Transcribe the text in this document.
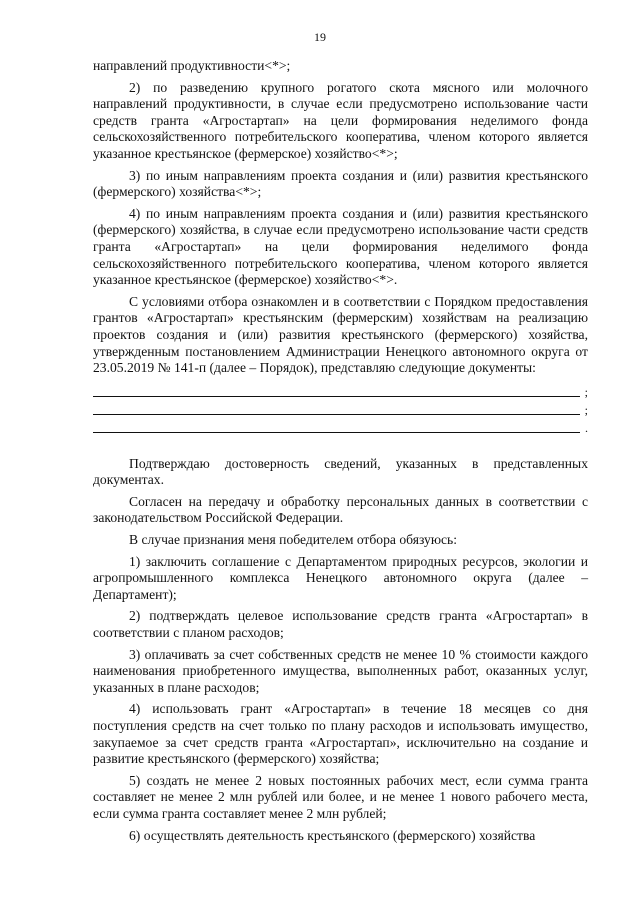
19

направлений продуктивности<*>;

2) по разведению крупного рогатого скота мясного или молочного направлений продуктивности, в случае если предусмотрено использование части средств гранта «Агростартап» на цели формирования неделимого фонда сельскохозяйственного потребительского кооператива, членом которого является указанное крестьянское (фермерское) хозяйство<*>;

3) по иным направлениям проекта создания и (или) развития крестьянского (фермерского) хозяйства<*>;

4) по иным направлениям проекта создания и (или) развития крестьянского (фермерского) хозяйства, в случае если предусмотрено использование части средств гранта «Агростартап» на цели формирования неделимого фонда сельскохозяйственного потребительского кооператива, членом которого является указанное крестьянское (фермерское) хозяйство<*>.

С условиями отбора ознакомлен и в соответствии с Порядком предоставления грантов «Агростартап» крестьянским (фермерским) хозяйствам на реализацию проектов создания и (или) развития крестьянского (фермерского) хозяйства, утвержденным постановлением Администрации Ненецкого автономного округа от 23.05.2019 № 141-п (далее – Порядок), представляю следующие документы:

;
;
.

Подтверждаю достоверность сведений, указанных в представленных документах.

Согласен на передачу и обработку персональных данных в соответствии с законодательством Российской Федерации.

В случае признания меня победителем отбора обязуюсь:

1) заключить соглашение с Департаментом природных ресурсов, экологии и агропромышленного комплекса Ненецкого автономного округа (далее – Департамент);

2) подтверждать целевое использование средств гранта «Агростартап» в соответствии с планом расходов;

3) оплачивать за счет собственных средств не менее 10 % стоимости каждого наименования приобретенного имущества, выполненных работ, оказанных услуг, указанных в плане расходов;

4) использовать грант «Агростартап» в течение 18 месяцев со дня поступления средств на счет только по плану расходов и использовать имущество, закупаемое за счет средств гранта «Агростартап», исключительно на создание и развитие крестьянского (фермерского) хозяйства;

5) создать не менее 2 новых постоянных рабочих мест, если сумма гранта составляет не менее 2 млн рублей или более, и не менее 1 нового рабочего места, если сумма гранта составляет менее 2 млн рублей;

6) осуществлять деятельность крестьянского (фермерского) хозяйства
